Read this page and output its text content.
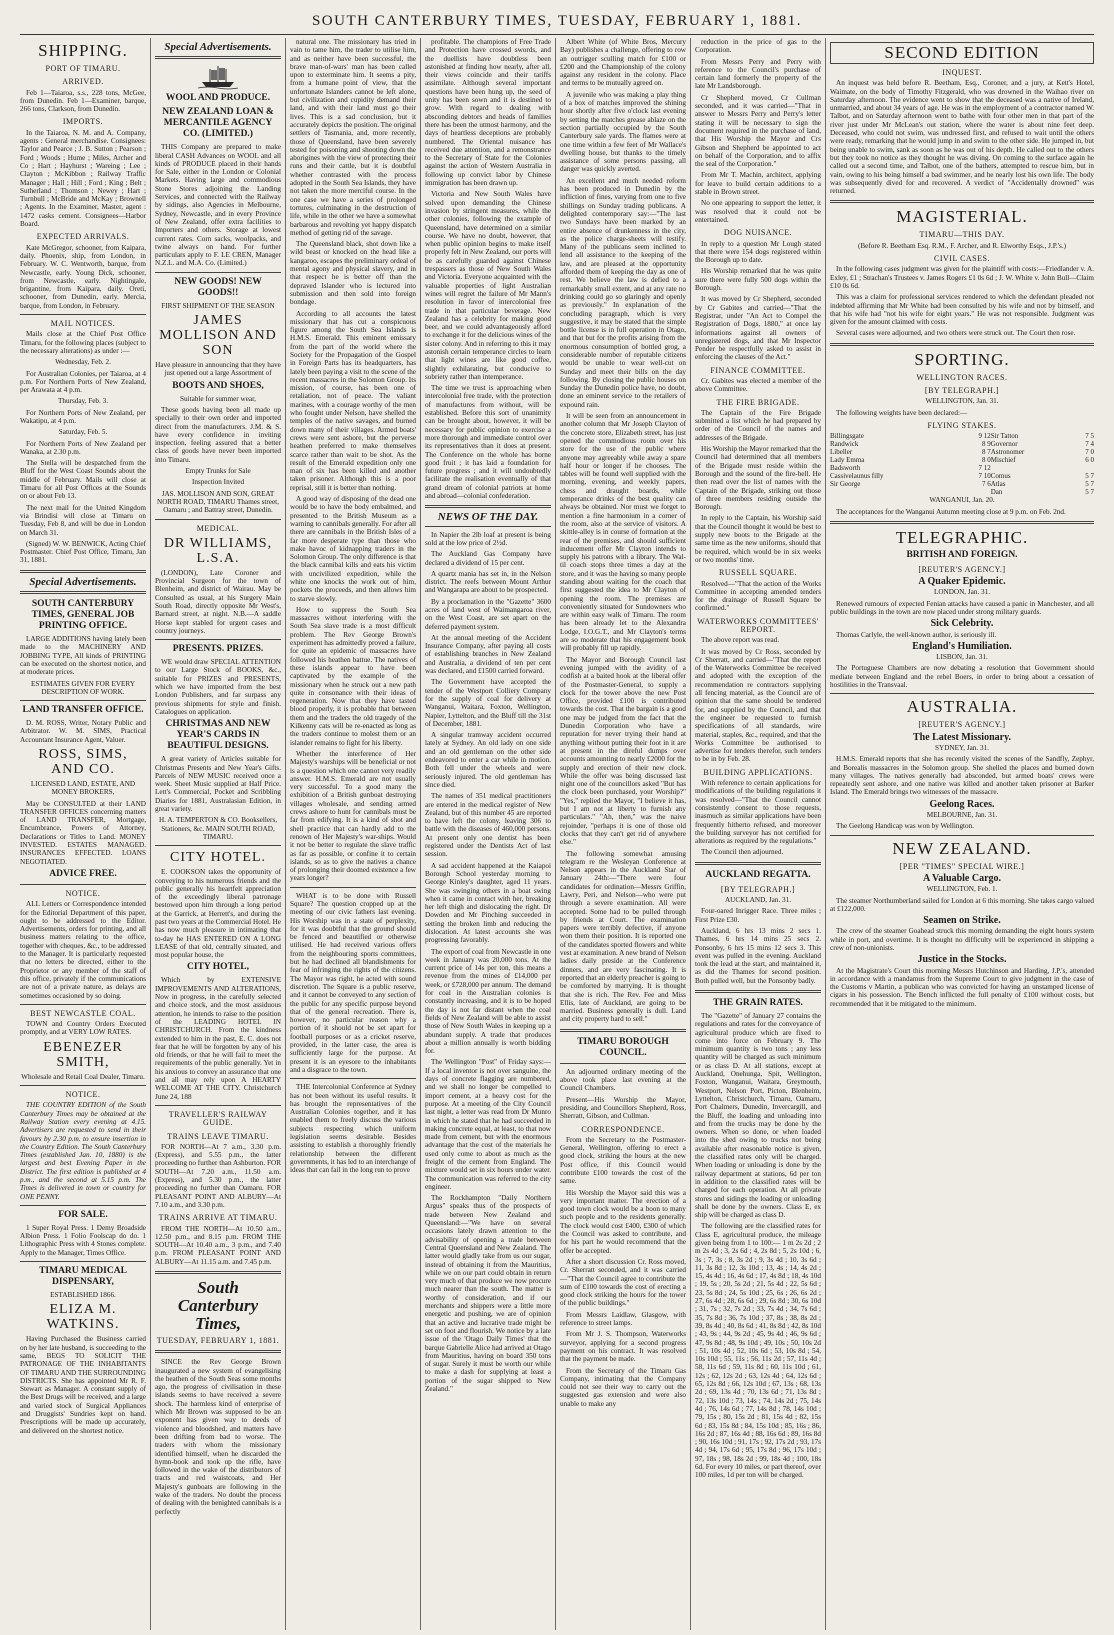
SOUTH CANTERBURY TIMES, TUESDAY, FEBRUARY 1, 1881.
SHIPPING.
PORT OF TIMARU.
ARRIVED.

Feb 1—Taiaroa, s.s., 228 tons, McGee, from Dunedin. Feb 1—Examiner, barque, 266 tons, Clarkson, from Dunedin.

IMPORTS.

In the Taiaroa, N. M. and A. Company, agents : General merchandise. Consignees: Taylor and Pearce ; J. B. Sutton ; Pearson ; Ford ; Woods ; Hume ; Miles, Archer and Co ; Hart ; Hayhurst ; Wareing ; Lee ; Clayton ; McKibbon ; Railway Traffic Manager ; Hall ; Hill ; Ford ; King ; Belt ; Sutherland ; Thomson ; Newey ; Hart ; Turnbull ; McBride and McKay ; Brownell ; Agents. In the Examiner, Master, agent : 1472 casks cement. Consignees—Harbor Board.

EXPECTED ARRIVALS.

Kate McGregor, schooner, from Kaipara, daily. Phoenix, ship, from London, in February. W. C. Wentworth, barque, from Newcastle, early. Young Dick, schooner, from Newcastle, early. Nightingale, brigantine, from Kaipara, daily. Oreti, schooner, from Dunedin, early. Mercia, barque, from London, in February.

MAIL NOTICES.

Mails close at the Chief Post Office Timaru, for the following places (subject to the necessary alterations) as under :—

Wednesday, Feb. 2.

For Australian Colonies, per Taiaroa, at 4 p.m. For Northern Ports of New Zealand, per Arawata at 4 p.m.

Thursday, Feb. 3.

For Northern Ports of New Zealand, per Wakatipu, at 4 p.m.

Saturday, Feb. 5.

For Northern Ports of New Zealand per Wanaka, at 2.30 p.m.

The Stella will be despatched from the Bluff for the West Coast Sounds about the middle of February. Mails will close at Timaru for all Post Offices at the Sounds on or about Feb 13.

The next mail for the United Kingdom via Brindisi will close at Timaru on Tuesday, Feb 8, and will be due in London on March 31.

(Signed) W. W. BENWICK, Acting Chief Postmaster. Chief Post Office, Timaru, Jan 31, 1881.

Special Advertisements.
SOUTH CANTERBURY TIMES, GENERAL JOB PRINTING OFFICE.

LARGE ADDITIONS having lately been made to the MACHINERY AND JOBBING TYPE, All kinds of PRINTING can be executed on the shortest notice, and at moderate prices.

ESTIMATES GIVEN FOR EVERY DESCRIPTION OF WORK.

LAND TRANSFER OFFICE.

D. M. ROSS, Writer, Notary Public and Arbitrator. W. M. SIMS, Practical Accountant Insurance Agent, Valuer.

ROSS, SIMS, AND CO.

LICENSED LAND, ESTATE, AND MONEY BROKERS,

May be CONSULTED at their LAND TRANSFER OFFICES concerning matters of LAND TRANSFER, Mortgage, Encumbrance, Powers of Attorney, Declarations or Titles to Land. MONEY INVESTED. ESTATES MANAGED. INSURANCES EFFECTED. LOANS NEGOTIATED.

ADVICE FREE.
NOTICE.

ALL Letters or Correspondence intended for the Editorial Department of this paper, ought to be addressed to the Editor. Advertisements, orders for printing, and all business matters relating to the office, together with cheques, &c., to be addressed to the Manager. It is particularly requested that no letters be directed, either to the Proprietor or any member of the staff of this office, privately if the communications are not of a private nature, as delays are sometimes occasioned by so doing.

BEST NEWCASTLE COAL.

TOWN and Country Orders Executed promptly, and at VERY LOW RATES.

EBENEZER SMITH,

Wholesale and Retail Coal Dealer, Timaru.

NOTICE.

THE COUNTRY EDITION of the South Canterbury Times may be obtained at the Railway Station every evening at 4.15. Advertisers are requested to send in their favours by 2.30 p.m. to ensure insertion in the Country Edition. The South Canterbury Times (established Jan. 10, 1880) is the largest and best Evening Paper in the District. The first edition is published at 4 p.m., and the second at 5.15 p.m. The Times is delivered in town or country for ONE PENNY.

FOR SALE.

1 Super Royal Press. 1 Demy Broadside Albion Press. 1 Folio Foolscap do do. 1 Lithographic Press with 4 Stones complete. Apply to the Manager, Times Office.

TIMARU MEDICAL DISPENSARY,

ESTABLISHED 1866.

ELIZA M. WATKINS.

Having Purchased the Business carried on by her late husband, is succeeding to the same, BEGS TO SOLICIT THE PATRONAGE OF THE INHABITANTS OF TIMARU AND THE SURROUNDING DISTRICTS. She has appointed Mr R. F. Stewart as Manager. A constant supply of the Best Drugs will be received, and a large and varied stock of Surgical Appliances and Druggists' Sundries kept on hand. Prescriptions will be made up accurately, and delivered on the shortest notice.

Special Advertisements.
WOOL AND PRODUCE.
NEW ZEALAND LOAN & MERCANTILE AGENCY CO. (LIMITED.)

THIS Company are prepared to make liberal CASH Advances on WOOL and all kinds of PRODUCE placed in their hands for Sale, either in the London or Colonial Markets. Having large and commodious Stone Stores adjoining the Landing Services, and connected with the Railway by sidings, also Agencies in Melbourne, Sydney, Newcastle, and in every Province of New Zealand, offer extra facilities to Importers and others. Storage at lowest current rates. Corn sacks, woolpacks, and twine always on hand. For further particulars apply to F. LE CREN, Manager N.Z.L. and M.A. Co. (Limited.)

NEW GOODS! NEW GOODS!!

FIRST SHIPMENT OF THE SEASON

JAMES MOLLISON AND SON

Have pleasure in announcing that they have just opened out a large Assortment of

BOOTS AND SHOES,

Suitable for summer wear,

These goods having been all made up specially to their own order and imported direct from the manufacturers. J.M. & S. have every confidence in inviting inspection, feeling assured that a better class of goods have never been imported into Timaru.

Empty Trunks for Sale

Inspection Invited

JAS. MOLLISON AND SON, GREAT NORTH ROAD, TIMARU Thames street, Oamaru ; and Battray street, Dunedin.

MEDICAL.
DR WILLIAMS, L.S.A.

(LONDON), Late Coroner and Provincial Surgeon for the town of Blenheim, and district of Wairau. May be Consulted as usual, at his Surgery Main South Road, directly opposite Mr West's, Barnard street, at night. N.B.—A saddle Horse kept stabled for urgent cases and country journeys.

PRESENTS. PRIZES.

WE would draw SPECIAL ATTENTION to our Large Stock of BOOKS, &c., suitable for PRIZES and PRESENTS, which we have imported from the best London Publishers, and far surpass any previous shipments for style and finish. Catalogues on application.

CHRISTMAS AND NEW YEAR'S CARDS IN BEAUTIFUL DESIGNS.

A great variety of Articles suitable for Christmas Presents and New Year's Gifts. Parcels of NEW MUSIC received once a week. Sheet Music supplied at Half Price. Lett's Commercial, Pocket and Scribbling Diaries for 1881, Australasian Edition, in great variety.

H. A. TEMPERTON & CO. Booksellers, Stationers, &c. MAIN SOUTH ROAD, TIMARU.

CITY HOTEL.

E. COOKSON takes the opportunity of conveying to his numerous friends and the public generally his heartfelt appreciation of the exceedingly liberal patronage bestowed upon him through a long period at the Garrick, at Herrett's, and during the past two years at the Commercial Hotel. He has now much pleasure in intimating that to-day he HAS ENTERED ON A LONG LEASE of that old, centrally situated, and most popular house, the

CITY HOTEL,

Which by EXTENSIVE IMPROVEMENTS AND ALTERATIONS, Now in progress, in the carefully selected and choice stock, and the most assiduous attention, he intends to raise to the position of the LEADING HOTEL IN CHRISTCHURCH. From the kindness extended to him in the past, E. C. does not fear that he will be forgotten by any of his old friends, or that he will fail to meet the requirements of the public generally. Yet in his anxious to convey an assurance that one and all may rely upon A HEARTY WELCOME AT THE CITY. Christchurch June 24, 188

TRAVELLER'S RAILWAY GUIDE.
TRAINS LEAVE TIMARU.

FOR NORTH—At 7 a.m., 3.30 p.m. (Express), and 5.55 p.m., the latter proceeding no further than Ashburton. FOR SOUTH—At 7.20 a.m., 11.50 a.m. (Express), and 5.30 p.m., the latter proceeding no further than Oamaru. FOR PLEASANT POINT AND ALBURY—At 7.10 a.m., and 3.30 p.m.

TRAINS ARRIVE AT TIMARU.

FROM THE NORTH—At 10.50 a.m., 12.50 p.m., and 8.15 p.m. FROM THE SOUTH—At 10.40 a.m., 3 p.m., and 7.40 p.m. FROM PLEASANT POINT AND ALBURY—At 11.15 a.m. and 7.45 p.m.

South Canterbury Times,
TUESDAY, FEBRUARY 1, 1881.

SINCE the Rev George Brown inaugurated a new system of evangelising the heathen of the South Seas some months ago, the progress of civilisation in these islands seems to have received a severe shock. The harmless kind of enterprise of which Mr Brown was supposed to be an exponent has given way to deeds of violence and bloodshed, and matters have been drifting from bad to worse. The traders with whom the missionary identified himself, when he discarded the hymn-book and took up the rifle, have followed in the wake of the distributors of tracts and red waistcoats, and Her Majesty's gunboats are following in the wake of the traders. No doubt the process of dealing with the benighted cannibals is a perfectly

natural one. The missionary has tried in vain to tame him, the trader to utilise him, and as neither have been successful, the brave man-of-wars' man has been called upon to exterminate him. It seems a pity, from a humane point of view, that the unfortunate Islanders cannot be left alone, but civilization and cupidity demand their land, and with their land must go their lives. This is a sad conclusion, but it accurately depicts the position. The original settlers of Tasmania, and, more recently, those of Queensland, have been severely tested for poisoning and shooting down the aborigines with the view of protecting their runs and their cattle, but it is doubtful whether contrasted with the process adopted in the South Sea Islands, they have not taken the more merciful course. In the one case we have a series of prolonged tortures, culminating in the destruction of life, while in the other we have a somewhat barbarous and revolting yet happy dispatch method of getting rid of the savage.

The Queensland black, shot down like a wild beast or knocked on the head like a kangaroo, escapes the preliminary ordeal of mental agony and physical slavery, and in that respect he is better off than the depraved Islander who is lectured into submission and then sold into foreign bondage.

According to all accounts the latest missionary that has cut a conspicuous figure among the South Sea Islands is H.M.S. Emerald. This eminent emissary from the part of the world where the Society for the Propagation of the Gospel in Foreign Parts has its headquarters, has lately been paying a visit to the scene of the recent massacres in the Solomon Group. Its mission, of course, has been one of retaliation, not of peace. The valiant marines, with a courage worthy of the men who fought under Nelson, have shelled the temples of the native savages, and burned down many of their villages. Armed boats' crews were sent ashore, but the perverse heathen preferred to make themselves scarce rather than wait to be shot. As the result of the Emerald expedition only one man of six has been killed and another taken prisoner. Although this is a poor reprisal, still it is better than nothing.

A good way of disposing of the dead one would be to have the body embalmed, and presented to the British Museum as a warning to cannibals generally. For after all there are cannibals in the British Isles of a far more desperate type than those who make havoc of kidnapping traders in the Solomon Group. The only difference is that the black cannibal kills and eats his victim with uncivilized expedition, while the white one knocks the work out of him, pockets the proceeds, and then allows him to starve slowly.

How to suppress the South Sea massacres without interfering with the South Sea slave trade is a most difficult problem. The Rev George Brown's experiment has admittedly proved a failure, for quite an epidemic of massacres have followed his heathen battue. The natives of these islands appear to have been captivated by the example of the missionary when he struck out a new path quite in consonance with their ideas of regeneration. Now that they have tasted blood properly, it is probable that between them and the traders the old tragedy of the Kilkenny cats will be re-enacted as long as the traders continue to molest them or an islander remains to fight for his liberty.

Whether the interference of Her Majesty's warships will be beneficial or not is a question which one cannot very readily answer. H.M.S. Emerald are not usually very successful. To a good many the exhibition of a British gunboat destroying villages wholesale, and sending armed crews ashore to hunt for cannibals must be far from edifying. It is a kind of shot and shell practice that can hardly add to the renown of Her Majesty's war-ships. Would it not be better to regulate the slave traffic as far as possible, or confine it to certain islands, so as to give the natives a chance of prolonging their doomed existence a few years longer?

WHAT is to be done with Russell Square? The question cropped up at the meeting of our civic fathers last evening. His Worship was in a state of perplexity, for it was doubtful that the ground should be fenced and beautified or otherwise utilised. He had received various offers from the neighbouring sports committees, but he had declined all blandishments for fear of infringing the rights of the citizens. The Mayor was right, he acted with sound discretion. The Square is a public reserve, and it cannot be conveyed to any section of the public for any specific purpose beyond that of the general recreation. There is, however, no particular reason why a portion of it should not be set apart for football purposes or as a cricket reserve, provided, in the latter case, the area is sufficiently large for the purpose. At present it is an eyesore to the inhabitants and a disgrace to the town.

THE Intercolonial Conference at Sydney has not been without its useful results. It has brought the representatives of the Australian Colonies together, and it has enabled them to freely discuss the various subjects respecting which uniform legislation seems desirable. Besides assisting to establish a thoroughly friendly relationship between the different governments, it has led to an interchange of ideas that can fail in the long run to prove

profitable. The champions of Free Trade and Protection have crossed swords, and the duellists have doubtless been astonished at finding how nearly, after all, their views coincide and their tariffs assimilate. Although several important questions have been hung up, the seed of unity has been sown and it is destined to grow. With regard to dealing with absconding debtors and heads of families there has been the utmost harmony, and the days of heartless deceptions are probably numbered. The Oriental nuisance has received due attention, and a remonstrance to the Secretary of State for the Colonies against the action of Western Australia in following up convict labor by Chinese immigration has been drawn up.

Victoria and New South Wales have solved upon demanding the Chinese invasion by stringent measures, while the other colonies, following the example of Queensland, have determined on a similar course. We have no doubt, however, that when public opinion begins to make itself properly felt in New Zealand, our ports will be as carefully guarded against Chinese trespassers as those of New South Wales and Victoria. Everyone acquainted with the valuable properties of light Australian wines will regret the failure of Mr Mann's resolution in favor of intercolonial free trade in that particular beverage. New Zealand has a celebrity for making good beer, and we could advantageously afford to exchange it for the delicious wines of the sister colony. And in referring to this it may astonish certain temperance circles to learn that light wines are like good coffee, slightly exhilarating, but conducive to sobriety rather than intemperance.

The time we trust is approaching when intercolonial free trade, with the protection of manufactures from without, will be established. Before this sort of unanimity can be brought about, however, it will be necessary for public opinion to exercise a more thorough and immediate control over its representatives than it does at present. The Conference on the whole has borne good fruit ; it has laid a foundation for future progress ; and it will undoubtedly facilitate the realisation eventually of that grand dream of colonial patriots at home and abroad—colonial confederation.

NEWS OF THE DAY.

In Napier the 2lb loaf at present is being sold at the low price of 2½d.

The Auckland Gas Company have declared a dividend of 15 per cent.

A quartz mania has set in, in the Nelson district. The reefs between Mount Arthur and Wangarapa are about to be prospected.

By a proclamation in the "Gazette" 3600 acres of land west of Waimangaroa river, on the West Coast, are set apart on the deferred payment system.

At the annual meeting of the Accident Insurance Company, after paying all costs of establishing branches in New Zealand and Australia, a dividend of ten per cent was declared, and £1500 carried forward.

The Government have accepted the tender of the Westport Colliery Company for the supply of coal for delivery at Wanganui, Waitara, Foxton, Wellington, Napier, Lyttelton, and the Bluff till the 31st of December, 1881.

A singular tramway accident occurred lately at Sydney. An old lady on one side and an old gentleman on the other side endeavored to enter a car while in motion. Both fell under the wheels and were seriously injured. The old gentleman has since died.

The names of 351 medical practitioners are entered in the medical register of New Zealand, but of this number 45 are reported to have left the colony, leaving 306 to battle with the diseases of 460,000 persons. At present only one dentist has been registered under the Dentists Act of last session.

A sad accident happened at the Kaiapoi Borough School yesterday morning to George Kinley's daughter, aged 11 years. She was swinging others in a boat swing when it came in contact with her, breaking her left thigh and dislocating the right. Dr Dowden and Mr Pinching succeeded in setting the broken limb and reducing the dislocation. At latest accounts she was progressing favorably.

The export of coal from Newcastle in one week in January was 20,000 tons. At the current price of 14s per ton, this means a revenue from the mines of £14,000 per week, or £728,000 per annum. The demand for coal in the Australian colonies is constantly increasing, and it is to be hoped the day is not far distant when the coal fields of New Zealand will be able to assist those of New South Wales in keeping up a abundant supply. A trade that produces about a million annually is worth bidding for.

The Wellington "Post" of Friday says:—If a local inventor is not over sanguine, the days of concrete flagging are numbered, and we shall no longer be compelled to import cement, at a heavy cost for the purpose. At a meeting of the City Council last night, a letter was read from Dr Munro in which he stated that he had succeeded in making concrete equal, at least, to that now made from cement, but with the enormous advantage that the cost of the materials he used only come to about as much as the freight of the cement from England. The mixture would set in six hours under water. The communication was referred to the city engineer.

The Rockhampton "Daily Northern Argus" speaks thus of the prospects of trade between New Zealand and Queensland:—"We have on several occasions lately drawn attention to the advisability of opening a trade between Central Queensland and New Zealand. The latter would gladly take from us our sugar, instead of obtaining it from the Mauritius, while we on our part could obtain in return very much of that produce we now procure much nearer than the south. The matter is worthy of consideration, and if our merchants and shippers were a little more energetic and pushing, we are of opinion that an active and lucrative trade might be set on foot and flourish. We notice by a late issue of the 'Otago Daily Times' that the barque Gabrielle Alice had arrived at Otago from Mauritius, having on board 350 tons of sugar. Surely it must be worth our while to make a dash for supplying at least a portion of the sugar shipped to New Zealand."

Albert White (of White Bros, Mercury Bay) publishes a challenge, offering to row an outrigger sculling match for £100 or £200 and the Championship of the colony against any resident in the colony. Place and terms to be mutually agreed on.

A juvenile who was making a play thing of a box of matches improved the shining hour shortly after five o'clock last evening by setting the matches grease ablaze on the section partially occupied by the South Canterbury sale yards. The flames were at one time within a few feet of Mr Wallace's dwelling house, but thanks to the timely assistance of some persons passing, all danger was quickly averted.

An excellent and much needed reform has been produced in Dunedin by the infliction of fines, varying from one to five shillings on Sunday trading publicans. A delighted contemporary say:—"The last two Sundays have been marked by an entire absence of drunkenness in the city, as the police charge-sheets will testify. Many of the publicans seem inclined to lend all assistance to the keeping of the law, and are pleased at the opportunity afforded them of keeping the day as one of rest. We believe the law is defied to a remarkably small extent, and at any rate no drinking could go so glaringly and openly as previously." In explanation of the concluding paragraph, which is very suggestive, it may be stated that the simple bottle license is in full operation in Otago, and that but for the profits arising from the enormous consumption of bottled grog, a considerable number of reputable citizens would be unable to wear well-cut on Sunday and meet their bills on the day following. By closing the public houses on Sunday the Dunedin police have, no doubt, done an eminent service to the retailers of expound rain.

It will be seen from an announcement in another column that Mr Joseph Clayton of the concrete store, Elizabeth street, has just opened the commodious room over his store for the use of the public where anyone may agreeably while away a spare half hour or longer if he chooses. The tables will be found well supplied with the morning, evening, and weekly papers, chess and draught boards, while temperance drinks of the best quality can always be obtained. Nor must we forget to mention a fine harmonium in a corner of the room, also at the service of visitors. A skittle-alley is in course of formation at the rear of the premises, and should sufficient inducement offer Mr Clayton intends to supply his patrons with a library. The Wal-til coach stops three times a day at the store, and it was the having so many people standing about waiting for the coach that first suggested the idea to Mr Clayton of opening the room. The premises are conveniently situated for Sundowners who are within easy walk of Timaru. The room has been already let to the Alexandra Lodge, I.O.G.T., and Mr Clayton's terms are so moderate that his engagement book will probably fill up rapidly.

The Mayor and Borough Council last evening jumped with the avidity of a codfish at a baited hook at the liberal offer of the Postmaster-General, to supply a clock for the tower above the new Post Office, provided £100 is contributed towards the cost. That the bargain is a good one may be judged from the fact that the Dunedin Corporation who have a reputation for never trying their hand at anything without putting their foot in it are at present in the direful dumps over accounts amounting to nearly £2000 for the supply and erection of their new clock. While the offer was being discussed last night one of the councillors asked "But has the clock been purchased, your Worship?" "Yes," replied the Mayor, "I believe it has, but I am not at liberty to furnish any particulars." "Ah, then," was the naive rejoinder, "perhaps it is one of those old clocks that they can't get rid of anywhere else."

The following somewhat amusing telegram re the Wesleyan Conference at Nelson appears in the Auckland Star of January 24th:—"There were four candidates for ordination—Messrs Griffin, Lawry, Peri, and Nelson—who were put through a severe examination. All were accepted. Some had to be pulled through by friends at Court. The examination papers were terribly defective, if anyone won them their position. It is reported one of the candidates sported flowers and white vest at examination. A new brand of Nelson ladies daily preside at the Conference dinners, and are very fascinating. It is reported that an elderly preacher is going to be comforted by marrying. It is thought that she is rich. The Rev. Fee and Miss Ellis, late of Auckland, are going to be married. Business generally is dull. Land and city property hard to sell."

TIMARU BOROUGH COUNCIL.

An adjourned ordinary meeting of the above took place last evening at the Council Chambers.

Present—His Worship the Mayor, presiding, and Councillors Shepherd, Ross, Sherratt, Gibson, and Cullman.

CORRESPONDENCE.

From the Secretary to the Postmaster-General, Wellington, offering to erect a good clock, striking the hours at the new Post office, if this Council would contribute £100 towards the cost of the same.

His Worship the Mayor said this was a very important matter. The erection of a good town clock would be a boon to many such people and to the residents generally. The clock would cost £400, £300 of which the Council was asked to contribute, and for his part he would recommend that the offer be accepted.

After a short discussion Cr. Ross moved, Cr. Sherratt seconded, and it was carried—"That the Council agree to contribute the sum of £100 towards the cost of erecting a good clock striking the hours for the tower of the public buildings."

From Messrs Laidlaw, Glasgow, with reference to street lamps.

From Mr J. S. Thompson, Waterworks surveyor, applying for a second progress payment on his contract. It was resolved that the payment be made.

From the Secretary of the Timaru Gas Company, intimating that the Company could not see their way to carry out the suggested gas extension and were also unable to make any

reduction in the price of gas to the Corporation.

From Messrs Perry and Perry with reference to the Council's purchase of certain land formerly the property of the late Mr Landsborough.

Cr Shepherd moved, Cr Cullman seconded, and it was carried—"That in answer to Messrs Perry and Perry's letter stating it will be necessary to sign the document required in the purchase of land, that His Worship the Mayor and Crs Gibson and Shepherd be appointed to act on behalf of the Corporation, and to affix the seal of the Corporation."

From Mr T. Machin, architect, applying for leave to build certain additions to a stable in Brown street.

No one appearing to support the letter, it was resolved that it could not be entertained.

DOG NUISANCE.

In reply to a question Mr Lough stated that there were 154 dogs registered within the Borough up to date.

His Worship remarked that he was quite sure there were fully 500 dogs within the Borough.

It was moved by Cr Shepherd, seconded by Cr Gabites and carried—"That the Registrar, under "An Act to Compel the Registration of Dogs, 1880," at once lay informations against all owners of unregistered dogs, and that Mr Inspector Pender be respectfully asked to assist in enforcing the clauses of the Act."

FINANCE COMMITTEE.

Cr. Gabites was elected a member of the above Committee.

THE FIRE BRIGADE.

The Captain of the Fire Brigade submitted a list which he had prepared by order of the Council of the names and addresses of the Brigade.

His Worship the Mayor remarked that the Council had determined that all members of the Brigade must reside within the Borough and the sound of the fire-bell. He then read over the list of names with the Captain of the Brigade, striking out those of three members residing outside the Borough.

In reply to the Captain, his Worship said that the Council thought it would be best to supply new boots to the Brigade at the same time as the new uniforms, should that be required, which would be in six weeks or two months' time.

RUSSELL SQUARE.

Resolved—"That the action of the Works Committee in accepting amended tenders for the drainage of Russell Square be confirmed."

WATERWORKS COMMITTEES' REPORT.

The above report was read.

It was moved by Cr Ross, seconded by Cr Sherratt, and carried—"That the report of the Waterworks Committee be received and adopted with the exception of the recommendation re contractors supplying all fencing material, as the Council are of opinion that the same should be tendered for, and supplied by the Council, and that the engineer be requested to furnish specifications of all standards, wire material, staples, &c., required, and that the Works Committee be authorised to advertise for tenders therefor, such tenders to be in by Feb. 28.

BUILDING APPLICATIONS.

With reference to certain applications for modifications of the building regulations it was resolved—"That the Council cannot consistently consent to those requests, inasmuch as similar applications have been frequently hitherto refused, and moreover the building surveyor has not certified for alterations as required by the regulations."

The Council then adjourned.

AUCKLAND REGATTA.
[BY TELEGRAPH.]

AUCKLAND, Jan. 31.

Four-oared Inrigger Race. Three miles ; First Prize £30.

Auckland, 6 hrs 13 mins 2 secs 1. Thames, 6 hrs 14 mins 25 secs 2. Ponsonby, 6 hrs 15 mins 12 secs 3. This event was pulled in the evening. Auckland took the lead at the start, and maintained it, as did the Thames for second position. Both pulled well, but the Ponsonby badly.

THE GRAIN RATES.

The "Gazette" of January 27 contains the regulations and rates for the conveyance of agricultural produce which are fixed to come into force on February 9. The minimum quantity is two tons ; any less quantity will be charged as such minimum or as class D. At all stations, except at Auckland, Onehunga, Spit, Wellington, Foxton, Wanganui, Waitara, Greymouth, Westport, Nelson Port, Picton, Blenheim, Lyttelton, Christchurch, Timaru, Oamaru, Port Chalmers, Dunedin, Invercargill, and the Bluff, the loading and unloading into and from the trucks may be done by the owners. When so done, or when loaded into the shed owing to trucks not being available after reasonable notice is given, the classified rates only will be charged. When loading or unloading is done by the railway department at stations, 6d per ton in addition to the classified rates will be charged for each operation. At all private stores and sidings the loading or unloading shall be done by the owners. Class E, ex ship will be charged as class D.

The following are the classified rates for Class E, agricultural produce, the mileage given being from 1 to 100:— 1 m 2s 2d ; 2 m 2s 4d ; 3, 2s 6d ; 4, 2s 8d ; 5, 2s 10d ; 6, 3s ; 7, 3s ; 8, 3s 2d ; 9, 3s 4d ; 10, 3s 6d ; 11, 3s 8d ; 12, 3s 10d ; 13, 4s ; 14, 4s 2d ; 15, 4s 4d ; 16, 4s 6d ; 17, 4s 8d ; 18, 4s 10d ; 19, 5s ; 20, 5s 2d ; 21, 5s 4d ; 22, 5s 6d ; 23, 5s 8d ; 24, 5s 10d ; 25, 6s ; 26, 6s 2d ; 27, 6s 4d ; 28, 6s 6d ; 29, 6s 8d ; 30, 6s 10d ; 31, 7s ; 32, 7s 2d ; 33, 7s 4d ; 34, 7s 6d ; 35, 7s 8d ; 36, 7s 10d ; 37, 8s ; 38, 8s 2d ; 39, 8s 4d ; 40, 8s 6d ; 41, 8s 8d ; 42, 8s 10d ; 43, 9s ; 44, 9s 2d ; 45, 9s 4d ; 46, 9s 6d ; 47, 9s 8d ; 48, 9s 10d ; 49, 10s ; 50, 10s 2d ; 51, 10s 4d ; 52, 10s 6d ; 53, 10s 8d ; 54, 10s 10d ; 55, 11s ; 56, 11s 2d ; 57, 11s 4d ; 58, 11s 6d ; 59, 11s 8d ; 60, 11s 10d ; 61, 12s ; 62, 12s 2d ; 63, 12s 4d ; 64, 12s 6d ; 65, 12s 8d ; 66, 12s 10d ; 67, 13s ; 68, 13s 2d ; 69, 13s 4d ; 70, 13s 6d ; 71, 13s 8d ; 72, 13s 10d ; 73, 14s ; 74, 14s 2d ; 75, 14s 4d ; 76, 14s 6d ; 77, 14s 8d ; 78, 14s 10d ; 79, 15s ; 80, 15s 2d ; 81, 15s 4d ; 82, 15s 6d ; 83, 15s 8d ; 84, 15s 10d ; 85, 16s ; 86, 16s 2d ; 87, 16s 4d ; 88, 16s 6d ; 89, 16s 8d ; 90, 16s 10d ; 91, 17s ; 92, 17s 2d ; 93, 17s 4d ; 94, 17s 6d ; 95, 17s 8d ; 96, 17s 10d ; 97, 18s ; 98, 18s 2d ; 99, 18s 4d ; 100, 18s 6d. For every 10 miles, or part thereof, over 100 miles, 1d per ton will be charged.

SECOND EDITION
INQUEST.

An inquest was held before R. Beetham, Esq., Coroner, and a jury, at Kett's Hotel, Waimate, on the body of Timothy Fitzgerald, who was drowned in the Waihao river on Saturday afternoon. The evidence went to show that the deceased was a native of Ireland, unmarried, and about 34 years of age. He was in the employment of a contractor named W. Talbot, and on Saturday afternoon went to bathe with four other men in that part of the river just under Mr McLean's out station, where the water is about nine feet deep. Deceased, who could not swim, was undressed first, and refused to wait until the others were ready, remarking that he would jump in and swim to the other side. He jumped in, but being unable to swim, sank as soon as he was out of his depth. He called out to the others but they took no notice as they thought he was diving. On coming to the surface again he called out a second time, and Talbot, one of the bathers, attempted to rescue him, but in vain, owing to his being himself a bad swimmer, and he nearly lost his own life. The body was subsequently dived for and recovered. A verdict of "Accidentally drowned" was returned.

MAGISTERIAL.
TIMARU—THIS DAY.

(Before R. Beetham Esq. R.M., F. Archer, and R. Elworthy Esqs., J.P.'s.)

CIVIL CASES.

In the following cases judgment was given for the plaintiff with costs:—Friedlander v. A. Exley, £1 ; Strachan's Trustees v. James Rogers £1 0s 6d ; J. W. White v. John Bull—Claim £10 0s 6d.

This was a claim for professional services rendered to which the defendant pleaded not indebted affirming that Mr White had been consulted by his wife and not by himself, and that his wife had "not his wife for eight years." He was not responsible. Judgment was given for the amount claimed with costs.

Several cases were adjourned, and two others were struck out. The Court then rose.

SPORTING.
WELLINGTON RACES.
[BY TELEGRAPH.]

WELLINGTON, Jan. 31.

The following weights have been declared:—

FLYING STAKES.
Billingsgate	9 12	Sir Tatton	7 5
Randwick	8 9	Governor	7 4
Libeller	8 7	Astronomer	7 0
Lady Emma	8 0	Mischief	6 0
Badsworth	7 12		
Cassivelaunus filly	7 10	Comus	5 7
Sir George	7 6	Atlas	5 7
		Dan	5 7

WANGANUI, Jan. 20.

The acceptances for the Wanganui Autumn meeting close at 9 p.m. on Feb. 2nd.

TELEGRAPHIC.
BRITISH AND FOREIGN.
[REUTER'S AGENCY.]
A Quaker Epidemic.

LONDON, Jan. 31.

Renewed rumours of expected Fenian attacks have caused a panic in Manchester, and all public buildings in the town are now placed under strong military guards.

Sick Celebrity.

Thomas Carlyle, the well-known author, is seriously ill.

England's Humiliation.

LISBON, Jan. 31.

The Portuguese Chambers are now debating a resolution that Government should mediate between England and the rebel Boers, in order to bring about a cessation of hostilities in the Transvaal.

AUSTRALIA.
[REUTER'S AGENCY.]
The Latest Missionary.

SYDNEY, Jan. 31.

H.M.S. Emerald reports that she has recently visited the scenes of the Sandfly, Zephyr, and Borealis massacres in the Solomon group. She shelled the places and burned down many villages. The natives generally had absconded, but armed boats' crews were repeatedly sent ashore, and one native was killed and another taken prisoner at Barker Island. The Emerald brings two witnesses of the massacre.

Geelong Races.

MELBOURNE, Jan. 31.

The Geelong Handicap was won by Wellington.

NEW ZEALAND.
[PER "TIMES" SPECIAL WIRE.]
A Valuable Cargo.

WELLINGTON, Feb. 1.

The steamer Northumberland sailed for London at 6 this morning. She takes cargo valued at £122,000.

Seamen on Strike.

The crew of the steamer Goahead struck this morning demanding the eight hours system while in port, and overtime. It is thought no difficulty will be experienced in shipping a crew of non-unionists.

Justice in the Stocks.

At the Magistrate's Court this morning Messrs Hutchinson and Harding, J.P.'s, attended in accordance with a mandamus from the Supreme Court to give judgment in the case of the Customs v Martin, a publican who was convicted for having an unstamped license of cigars in his possession. The Bench inflicted the full penalty of £100 without costs, but recommended that it be mitigated to the minimum.
